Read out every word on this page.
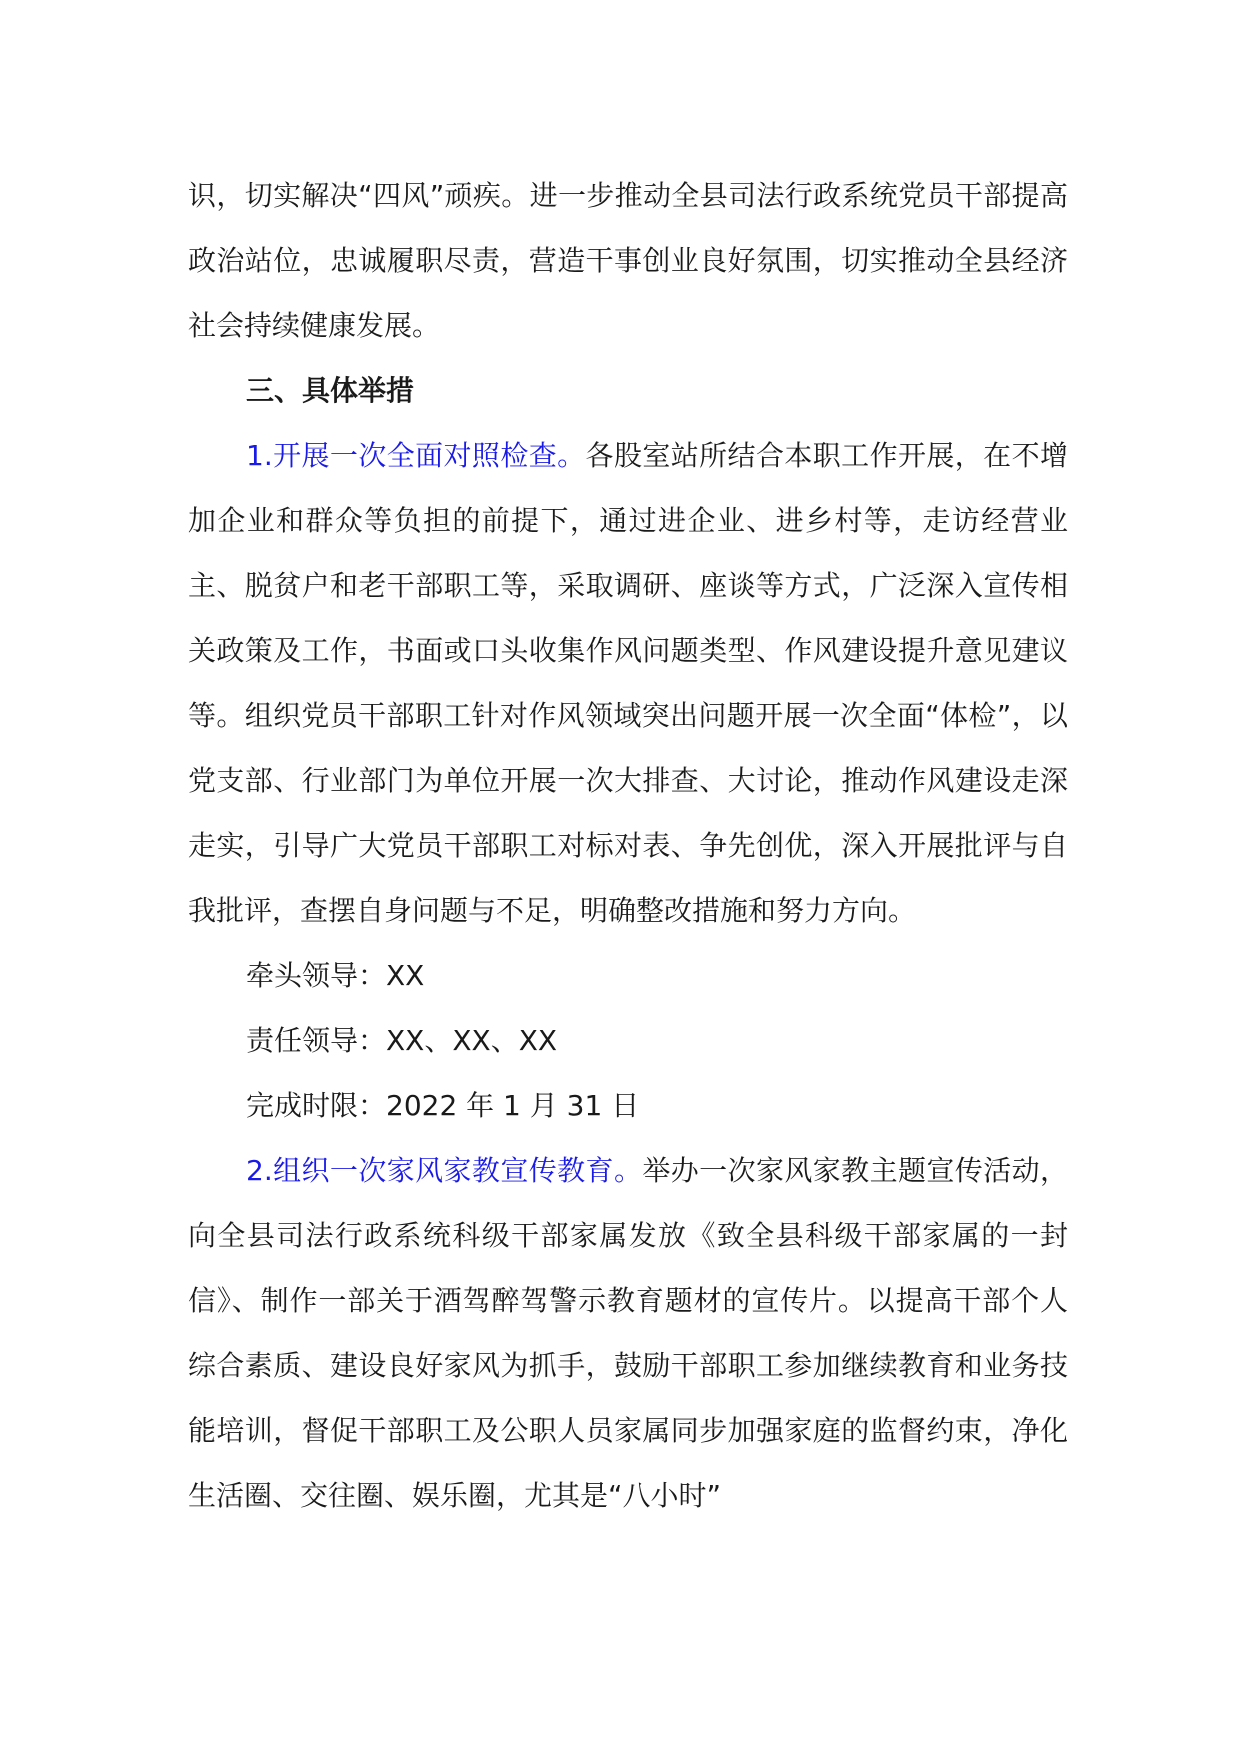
识，切实解决“四风”顽疾。进一步推动全县司法行政系统党员干部提高政治站位，忠诚履职尽责，营造干事创业良好氛围，切实推动全县经济社会持续健康发展。

三、具体举措

1.开展一次全面对照检查。各股室站所结合本职工作开展，在不增加企业和群众等负担的前提下，通过进企业、进乡村等，走访经营业主、脱贫户和老干部职工等，采取调研、座谈等方式，广泛深入宣传相关政策及工作，书面或口头收集作风问题类型、作风建设提升意见建议等。组织党员干部职工针对作风领域突出问题开展一次全面“体检”，以党支部、行业部门为单位开展一次大排查、大讨论，推动作风建设走深走实，引导广大党员干部职工对标对表、争先创优，深入开展批评与自我批评，查摆自身问题与不足，明确整改措施和努力方向。

牵头领导：XX

责任领导：XX、XX、XX

完成时限：2022 年 1 月 31 日

2.组织一次家风家教宣传教育。举办一次家风家教主题宣传活动，向全县司法行政系统科级干部家属发放《致全县科级干部家属的一封信》、制作一部关于酒驾醉驾警示教育题材的宣传片。以提高干部个人综合素质、建设良好家风为抓手，鼓励干部职工参加继续教育和业务技能培训，督促干部职工及公职人员家属同步加强家庭的监督约束，净化生活圈、交往圈、娱乐圈，尤其是“八小时”
